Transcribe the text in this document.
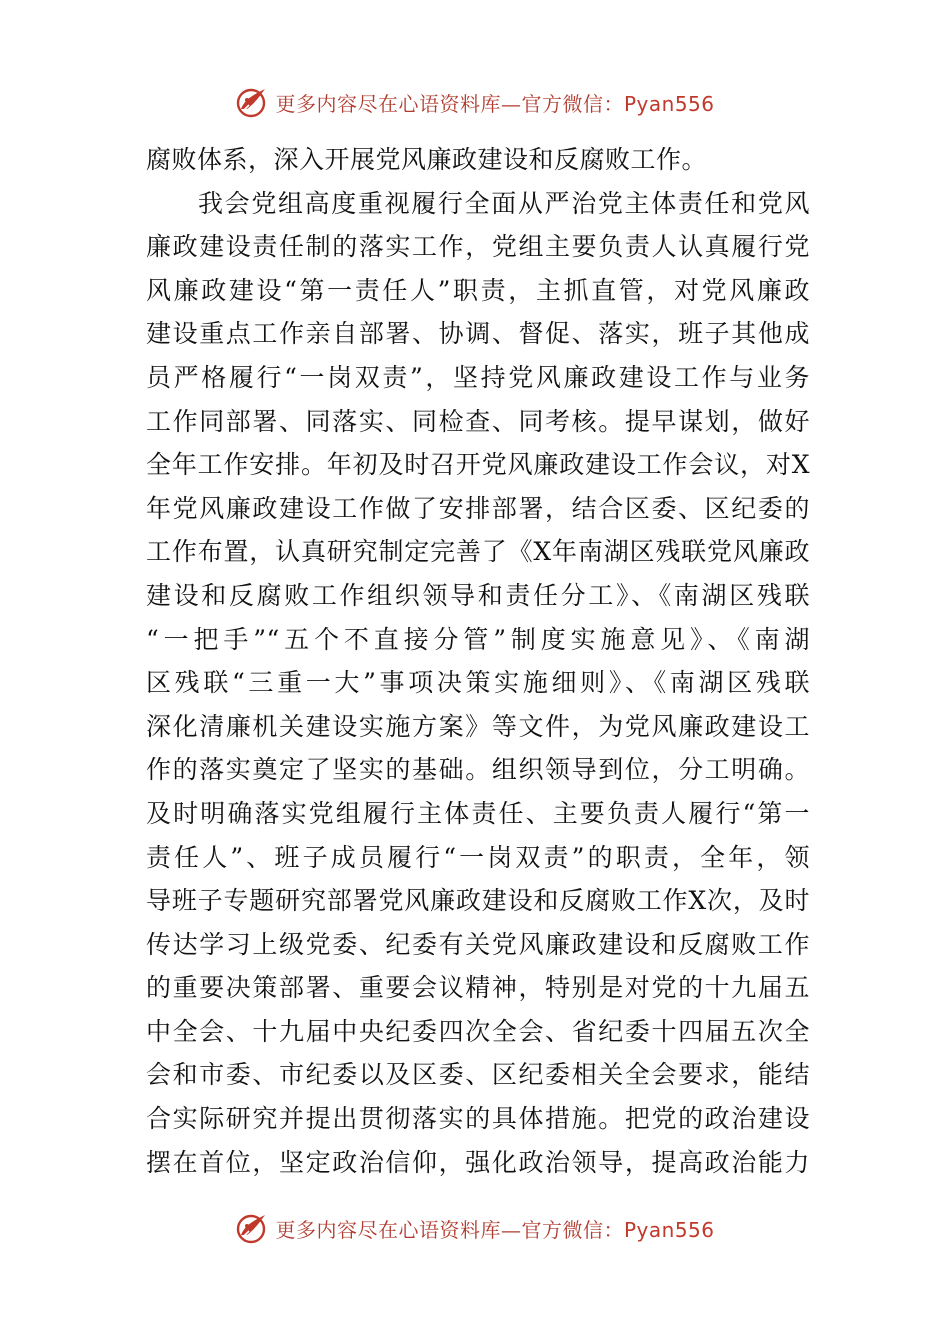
更多内容尽在心语资料库—官方微信：Pyan556
腐败体系，深入开展党风廉政建设和反腐败工作。
我会党组高度重视履行全面从严治党主体责任和党风
廉政建设责任制的落实工作，党组主要负责人认真履行党
风廉政建设“第一责任人”职责，主抓直管，对党风廉政
建设重点工作亲自部署、协调、督促、落实，班子其他成
员严格履行“一岗双责”，坚持党风廉政建设工作与业务
工作同部署、同落实、同检查、同考核。提早谋划，做好
全年工作安排。年初及时召开党风廉政建设工作会议，对X
年党风廉政建设工作做了安排部署，结合区委、区纪委的
工作布置，认真研究制定完善了《X年南湖区残联党风廉政
建设和反腐败工作组织领导和责任分工》、《南湖区残联
“一把手”“五个不直接分管”制度实施意见》、《南湖
区残联“三重一大”事项决策实施细则》、《南湖区残联
深化清廉机关建设实施方案》等文件，为党风廉政建设工
作的落实奠定了坚实的基础。组织领导到位，分工明确。
及时明确落实党组履行主体责任、主要负责人履行“第一
责任人”、班子成员履行“一岗双责”的职责，全年，领
导班子专题研究部署党风廉政建设和反腐败工作X次，及时
传达学习上级党委、纪委有关党风廉政建设和反腐败工作
的重要决策部署、重要会议精神，特别是对党的十九届五
中全会、十九届中央纪委四次全会、省纪委十四届五次全
会和市委、市纪委以及区委、区纪委相关全会要求，能结
合实际研究并提出贯彻落实的具体措施。把党的政治建设
摆在首位，坚定政治信仰，强化政治领导，提高政治能力
更多内容尽在心语资料库—官方微信：Pyan556
